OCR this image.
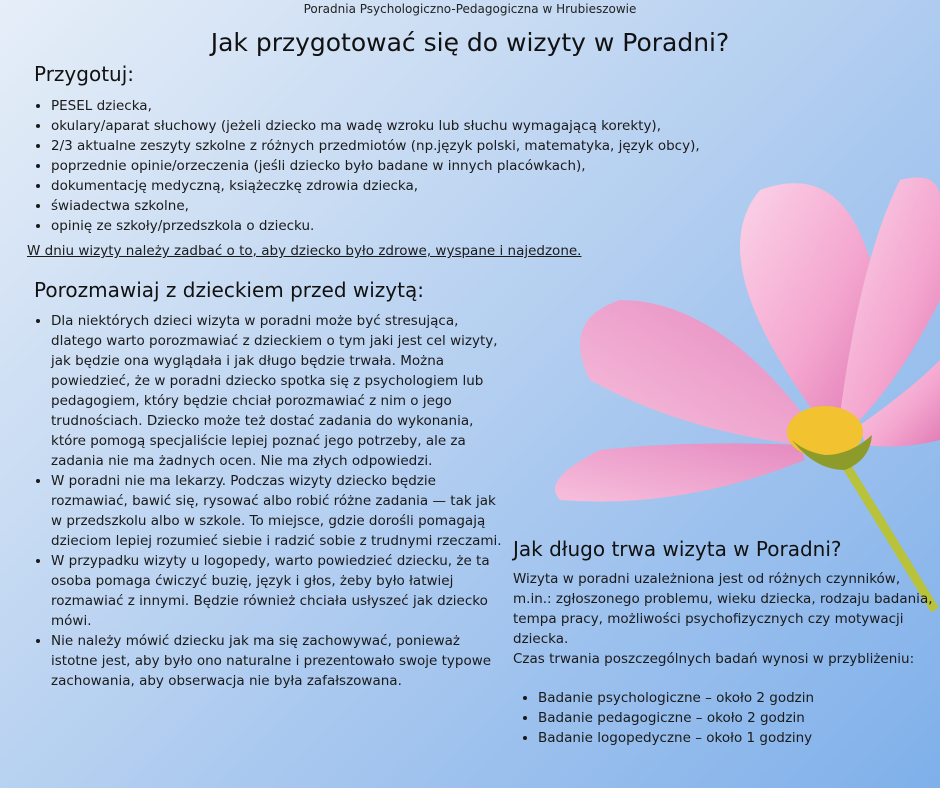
Poradnia Psychologiczno-Pedagogiczna w Hrubieszowie
Jak przygotować się do wizyty w Poradni?
Przygotuj:
• PESEL dziecka,
• okulary/aparat słuchowy (jeżeli dziecko ma wadę wzroku lub słuchu wymagającą korekty),
• 2/3 aktualne zeszyty szkolne z różnych przedmiotów (np.język polski, matematyka, język obcy),
• poprzednie opinie/orzeczenia (jeśli dziecko było badane w innych placówkach),
• dokumentację medyczną, książeczkę zdrowia dziecka,
• świadectwa szkolne,
• opinię ze szkoły/przedszkola o dziecku.
W dniu wizyty należy zadbać o to, aby dziecko było zdrowe, wyspane i najedzone.
Porozmawiaj z dzieckiem przed wizytą:
• Dla niektórych dzieci wizyta w poradni może być stresująca, dlatego warto porozmawiać z dzieckiem o tym jaki jest cel wizyty, jak będzie ona wyglądała i jak długo będzie trwała. Można powiedzieć, że w poradni dziecko spotka się z psychologiem lub pedagogiem, który będzie chciał porozmawiać z nim o jego trudnościach. Dziecko może też dostać zadania do wykonania, które pomogą specjaliście lepiej poznać jego potrzeby, ale za zadania nie ma żadnych ocen. Nie ma złych odpowiedzi.
• W poradni nie ma lekarzy. Podczas wizyty dziecko będzie rozmawiać, bawić się, rysować albo robić różne zadania — tak jak w przedszkolu albo w szkole. To miejsce, gdzie dorośli pomagają dzieciom lepiej rozumieć siebie i radzić sobie z trudnymi rzeczami.
• W przypadku wizyty u logopedy, warto powiedzieć dziecku, że ta osoba pomaga ćwiczyć buzię, język i głos, żeby było łatwiej rozmawiać z innymi. Będzie również chciała usłyszeć jak dziecko mówi.
• Nie należy mówić dziecku jak ma się zachowywać, ponieważ istotne jest, aby było ono naturalne i prezentowało swoje typowe zachowania, aby obserwacja nie była zafałszowana.
Jak długo trwa wizyta w Poradni?

Wizyta w poradni uzależniona jest od różnych czynników, m.in.: zgłoszonego problemu, wieku dziecka, rodzaju badania, tempa pracy, możliwości psychofizycznych czy motywacji dziecka.

Czas trwania poszczególnych badań wynosi w przybliżeniu:

• Badanie psychologiczne – około 2 godzin
• Badanie pedagogiczne – około 2 godzin
• Badanie logopedyczne – około 1 godziny
